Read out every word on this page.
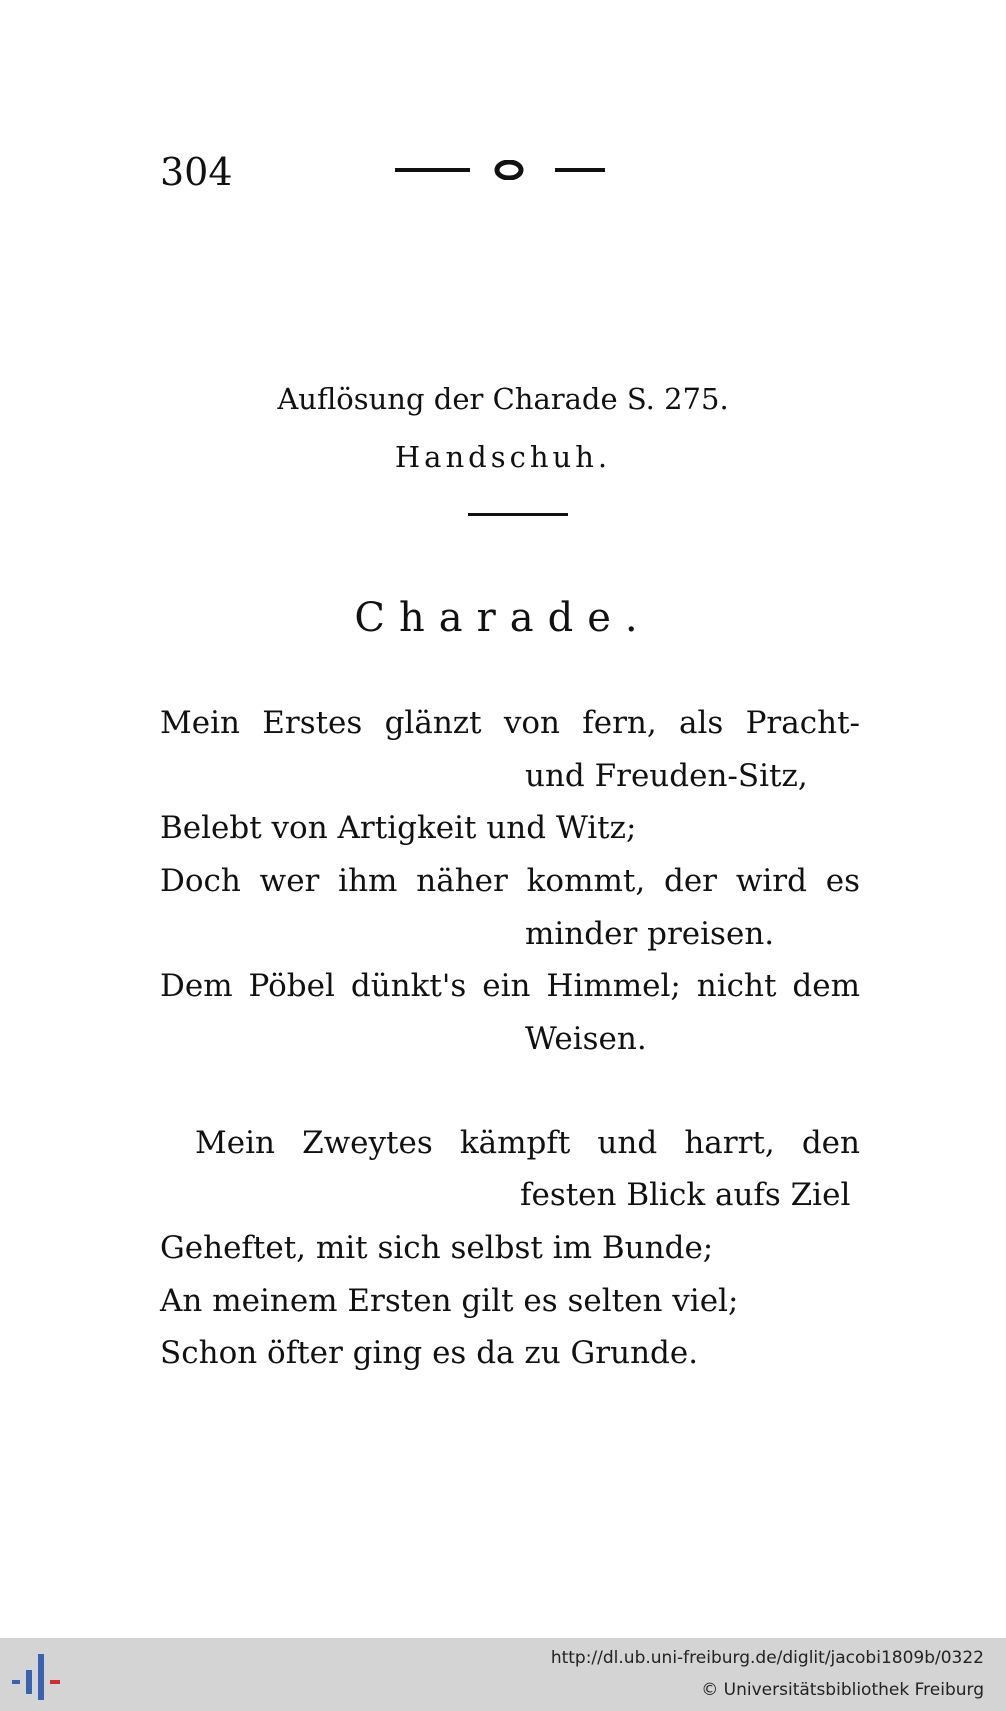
304
Auflösung der Charade S. 275.
Handschuh.
Charade.
Mein Erstes glänzt von fern, als Pracht-
und Freuden-Sitz,
Belebt von Artigkeit und Witz;
Doch wer ihm näher kommt, der wird es
minder preisen.
Dem Pöbel dünkt's ein Himmel; nicht dem
Weisen.
Mein Zweytes kämpft und harrt, den
festen Blick aufs Ziel
Geheftet, mit sich selbst im Bunde;
An meinem Ersten gilt es selten viel;
Schon öfter ging es da zu Grunde.
http://dl.ub.uni-freiburg.de/diglit/jacobi1809b/0322
© Universitätsbibliothek Freiburg
